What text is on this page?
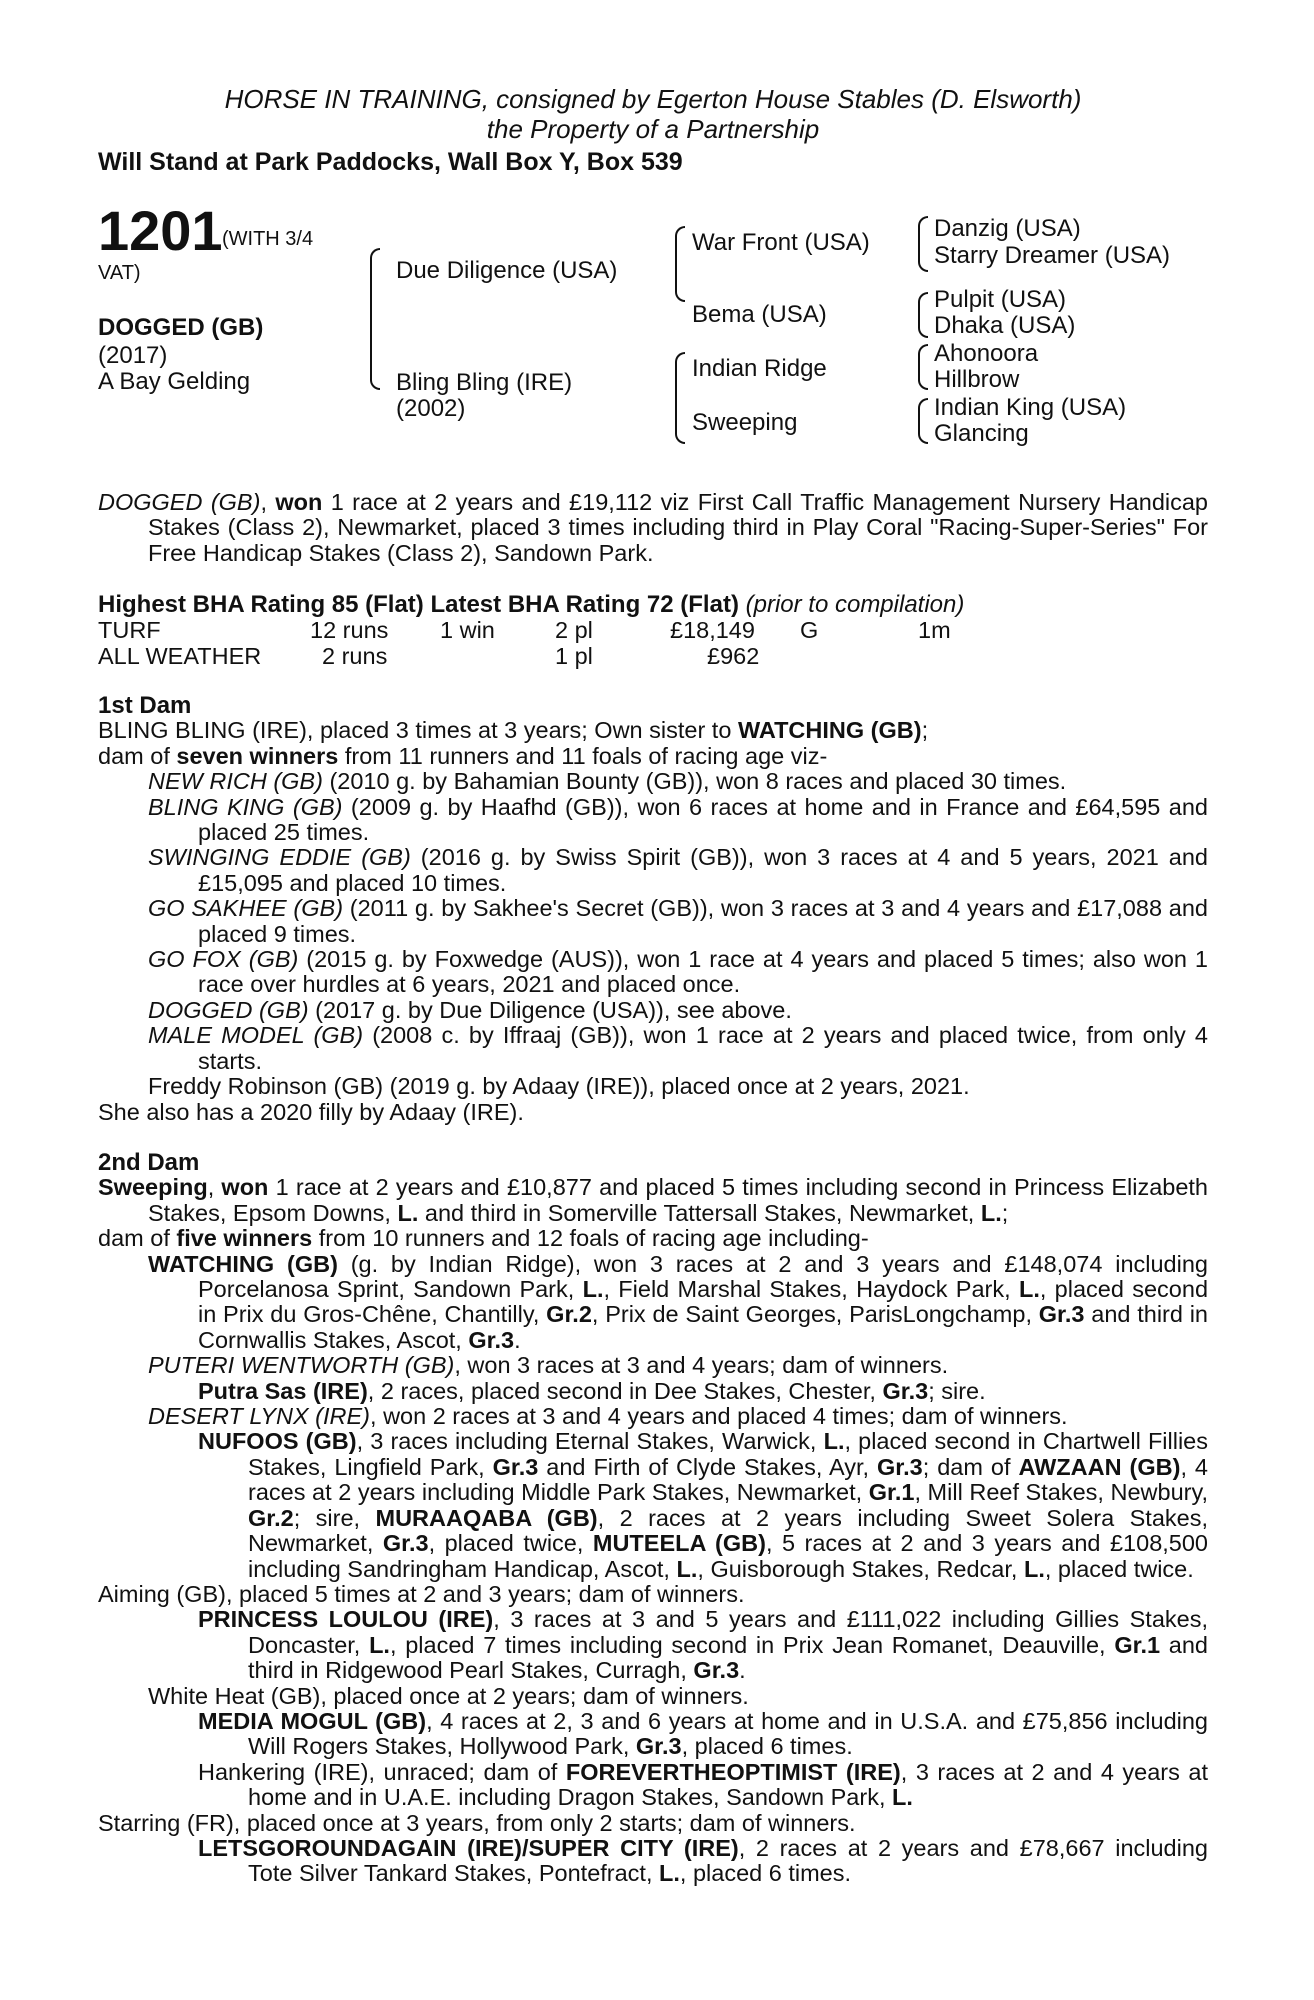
HORSE IN TRAINING, consigned by Egerton House Stables (D. Elsworth)
the Property of a Partnership
Will Stand at Park Paddocks, Wall Box Y, Box 539
1201 (WITH 3/4
VAT)
DOGGED (GB)
(2017)
A Bay Gelding
Due Diligence (USA)
Bling Bling (IRE)
(2002)
War Front (USA)
Bema (USA)
Indian Ridge
Sweeping
Danzig (USA)
Starry Dreamer (USA)
Pulpit (USA)
Dhaka (USA)
Ahonoora
Hillbrow
Indian King (USA)
Glancing

DOGGED (GB), won 1 race at 2 years and £19,112 viz First Call Traffic Management Nursery Handicap Stakes (Class 2), Newmarket, placed 3 times including third in Play Coral "Racing-Super-Series" For Free Handicap Stakes (Class 2), Sandown Park.

Highest BHA Rating 85 (Flat) Latest BHA Rating 72 (Flat) (prior to compilation)
TURF	12 runs 1 win	2 pl	£18,149 G	1m
ALL WEATHER	2 runs	1 pl	£962

1st Dam

BLING BLING (IRE), placed 3 times at 3 years; Own sister to WATCHING (GB);

dam of seven winners from 11 runners and 11 foals of racing age viz-

NEW RICH (GB) (2010 g. by Bahamian Bounty (GB)), won 8 races and placed 30 times.

BLING KING (GB) (2009 g. by Haafhd (GB)), won 6 races at home and in France and £64,595 and placed 25 times.

SWINGING EDDIE (GB) (2016 g. by Swiss Spirit (GB)), won 3 races at 4 and 5 years, 2021 and £15,095 and placed 10 times.

GO SAKHEE (GB) (2011 g. by Sakhee's Secret (GB)), won 3 races at 3 and 4 years and £17,088 and placed 9 times.

GO FOX (GB) (2015 g. by Foxwedge (AUS)), won 1 race at 4 years and placed 5 times; also won 1 race over hurdles at 6 years, 2021 and placed once.

DOGGED (GB) (2017 g. by Due Diligence (USA)), see above.

MALE MODEL (GB) (2008 c. by Iffraaj (GB)), won 1 race at 2 years and placed twice, from only 4 starts.

Freddy Robinson (GB) (2019 g. by Adaay (IRE)), placed once at 2 years, 2021.

She also has a 2020 filly by Adaay (IRE).

2nd Dam

Sweeping, won 1 race at 2 years and £10,877 and placed 5 times including second in Princess Elizabeth Stakes, Epsom Downs, L. and third in Somerville Tattersall Stakes, Newmarket, L.;

dam of five winners from 10 runners and 12 foals of racing age including-

WATCHING (GB) (g. by Indian Ridge), won 3 races at 2 and 3 years and £148,074 including Porcelanosa Sprint, Sandown Park, L., Field Marshal Stakes, Haydock Park, L., placed second in Prix du Gros-Chêne, Chantilly, Gr.2, Prix de Saint Georges, ParisLongchamp, Gr.3 and third in Cornwallis Stakes, Ascot, Gr.3.

PUTERI WENTWORTH (GB), won 3 races at 3 and 4 years; dam of winners.

Putra Sas (IRE), 2 races, placed second in Dee Stakes, Chester, Gr.3; sire.

DESERT LYNX (IRE), won 2 races at 3 and 4 years and placed 4 times; dam of winners.

NUFOOS (GB), 3 races including Eternal Stakes, Warwick, L., placed second in Chartwell Fillies Stakes, Lingfield Park, Gr.3 and Firth of Clyde Stakes, Ayr, Gr.3; dam of AWZAAN (GB), 4 races at 2 years including Middle Park Stakes, Newmarket, Gr.1, Mill Reef Stakes, Newbury, Gr.2; sire, MURAAQABA (GB), 2 races at 2 years including Sweet Solera Stakes, Newmarket, Gr.3, placed twice, MUTEELA (GB), 5 races at 2 and 3 years and £108,500 including Sandringham Handicap, Ascot, L., Guisborough Stakes, Redcar, L., placed twice.

Aiming (GB), placed 5 times at 2 and 3 years; dam of winners.

PRINCESS LOULOU (IRE), 3 races at 3 and 5 years and £111,022 including Gillies Stakes, Doncaster, L., placed 7 times including second in Prix Jean Romanet, Deauville, Gr.1 and third in Ridgewood Pearl Stakes, Curragh, Gr.3.

White Heat (GB), placed once at 2 years; dam of winners.

MEDIA MOGUL (GB), 4 races at 2, 3 and 6 years at home and in U.S.A. and £75,856 including Will Rogers Stakes, Hollywood Park, Gr.3, placed 6 times.

Hankering (IRE), unraced; dam of FOREVERTHEOPTIMIST (IRE), 3 races at 2 and 4 years at home and in U.A.E. including Dragon Stakes, Sandown Park, L.

Starring (FR), placed once at 3 years, from only 2 starts; dam of winners.

LETSGOROUNDAGAIN (IRE)/SUPER CITY (IRE), 2 races at 2 years and £78,667 including Tote Silver Tankard Stakes, Pontefract, L., placed 6 times.
